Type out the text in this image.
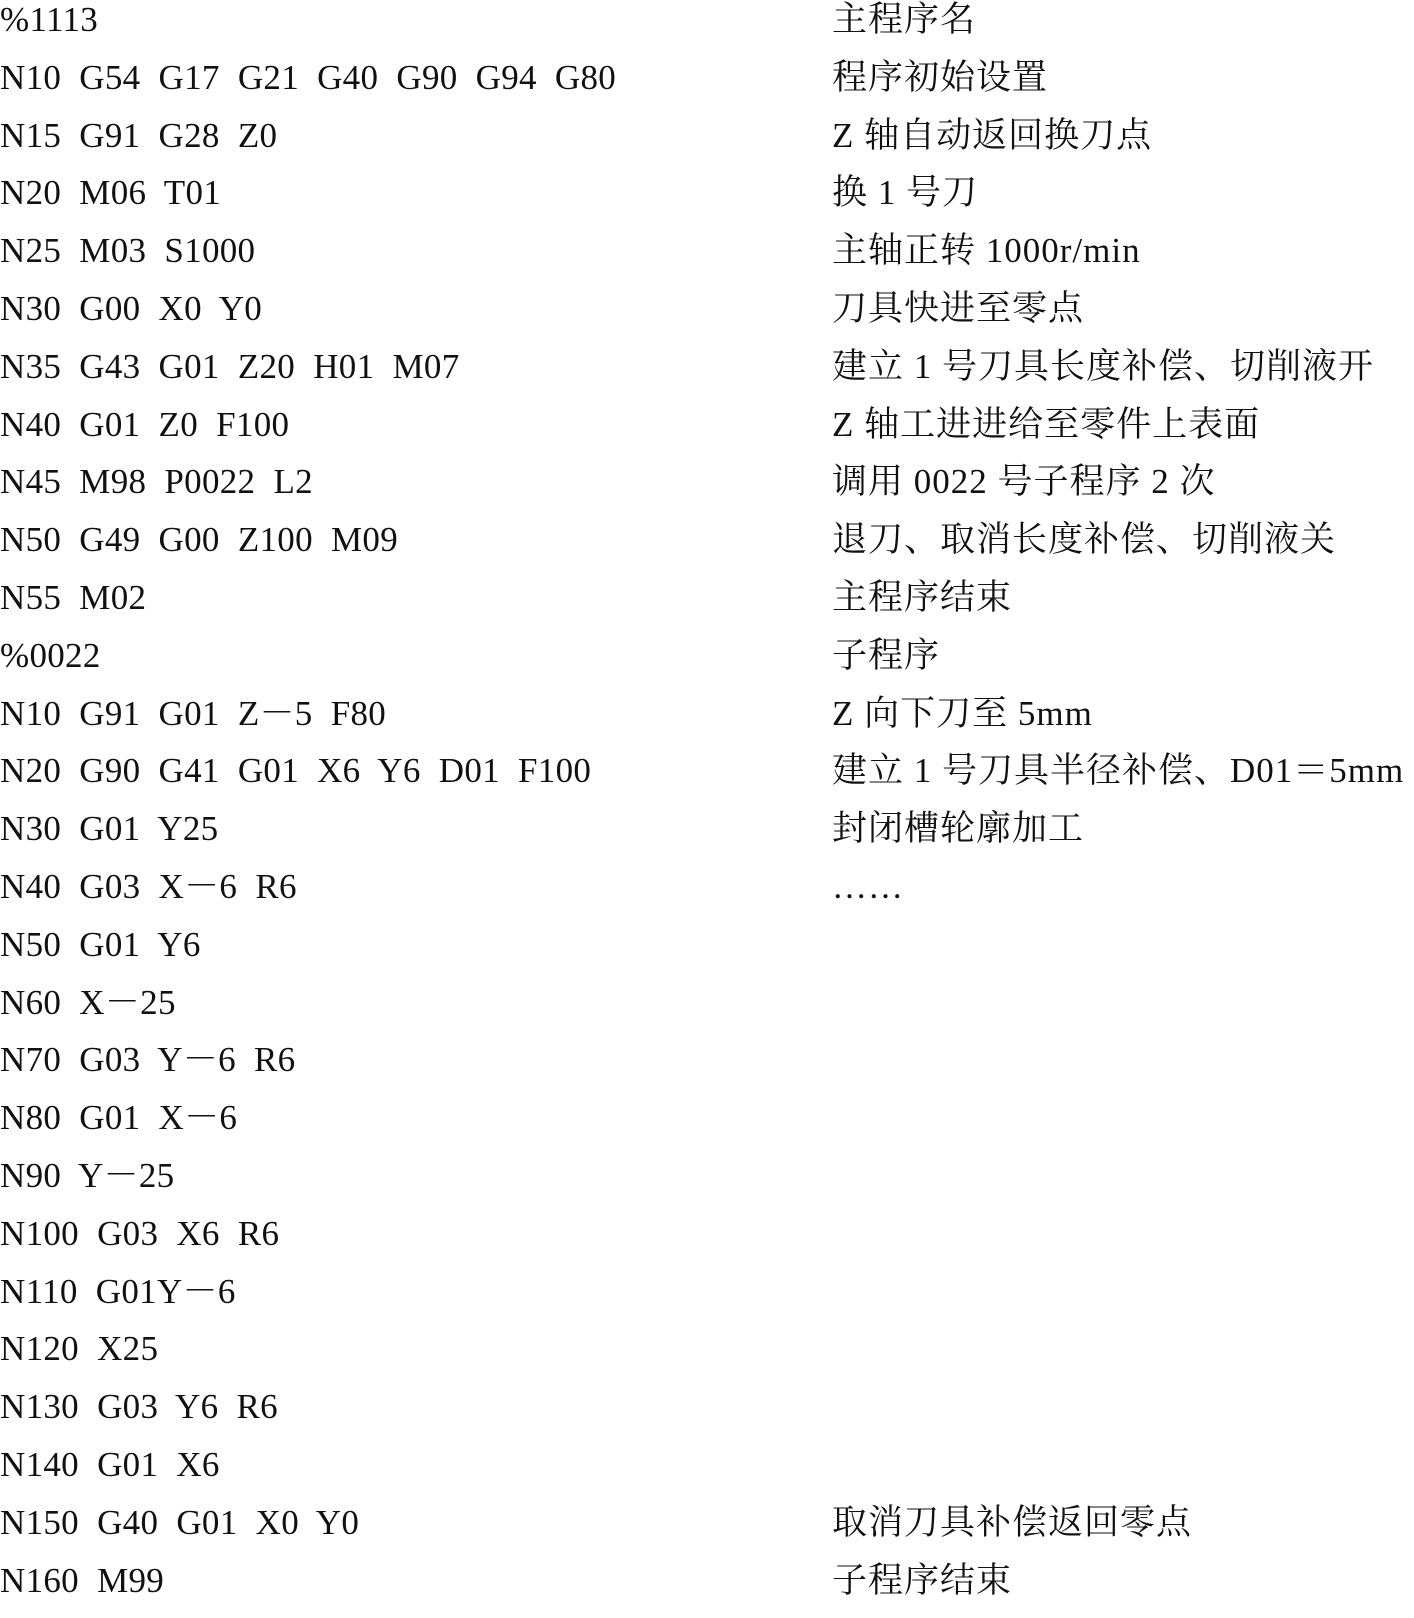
%1113	主程序名
N10  G54  G17  G21  G40  G90  G94  G80	程序初始设置
N15  G91  G28  Z0	Z 轴自动返回换刀点
N20  M06  T01	换 1 号刀
N25  M03  S1000	主轴正转 1000r/min
N30  G00  X0  Y0	刀具快进至零点
N35  G43  G01  Z20  H01  M07	建立 1 号刀具长度补偿、切削液开
N40  G01  Z0  F100	Z 轴工进进给至零件上表面
N45  M98  P0022  L2	调用 0022 号子程序 2 次
N50  G49  G00  Z100  M09	退刀、取消长度补偿、切削液关
N55  M02	主程序结束
%0022	子程序
N10  G91  G01  Z－5  F80	Z 向下刀至 5mm
N20  G90  G41  G01  X6  Y6  D01  F100	建立 1 号刀具半径补偿、D01＝5mm
N30  G01  Y25	封闭槽轮廓加工
N40  G03  X－6  R6	……
N50  G01  Y6
N60  X－25
N70  G03  Y－6  R6
N80  G01  X－6
N90  Y－25
N100  G03  X6  R6
N110  G01Y－6
N120  X25
N130  G03  Y6  R6
N140  G01  X6
N150  G40  G01  X0  Y0	取消刀具补偿返回零点
N160  M99	子程序结束
